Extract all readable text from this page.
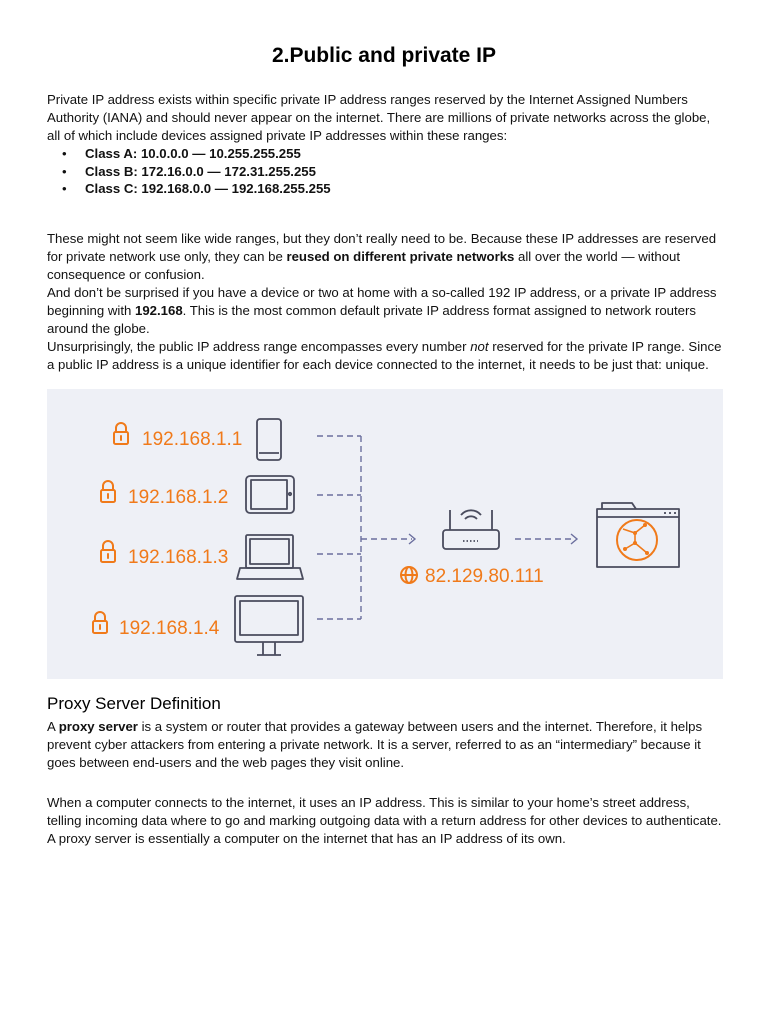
2.Public and private IP

Private IP address exists within specific private IP address ranges reserved by the Internet Assigned Numbers Authority (IANA) and should never appear on the internet. There are millions of private networks across the globe, all of which include devices assigned private IP addresses within these ranges:

• Class A: 10.0.0.0 — 10.255.255.255
• Class B: 172.16.0.0 — 172.31.255.255
• Class C: 192.168.0.0 — 192.168.255.255

These might not seem like wide ranges, but they don’t really need to be. Because these IP addresses are reserved for private network use only, they can be reused on different private networks all over the world — without consequence or confusion.

And don’t be surprised if you have a device or two at home with a so-called 192 IP address, or a private IP address beginning with 192.168. This is the most common default private IP address format assigned to network routers around the globe.

Unsurprisingly, the public IP address range encompasses every number not reserved for the private IP range. Since a public IP address is a unique identifier for each device connected to the internet, it needs to be just that: unique.

192.168.1.1
192.168.1.2
192.168.1.3
192.168.1.4
82.129.80.111
Proxy Server Definition

A proxy server is a system or router that provides a gateway between users and the internet. Therefore, it helps prevent cyber attackers from entering a private network. It is a server, referred to as an “intermediary” because it goes between end-users and the web pages they visit online.

When a computer connects to the internet, it uses an IP address. This is similar to your home’s street address, telling incoming data where to go and marking outgoing data with a return address for other devices to authenticate. A proxy server is essentially a computer on the internet that has an IP address of its own.
